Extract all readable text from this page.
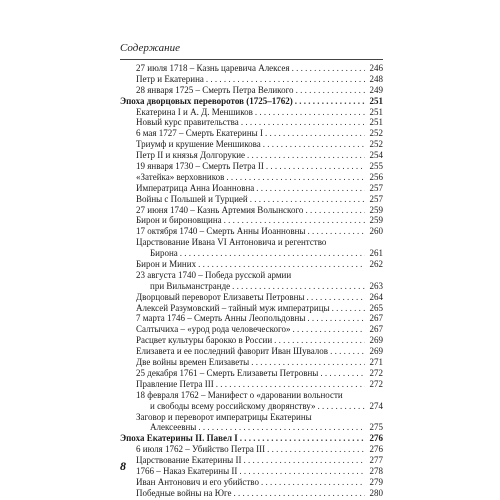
Содержание
27 июля 1718 – Казнь царевича Алексея . . .	246
Петр и Екатерина . . .	248
28 января 1725 – Смерть Петра Великого . . .	249
Эпоха дворцовых переворотов (1725–1762) . . .	251
Екатерина I и А. Д. Меншиков . . .	251
Новый курс правительства . . .	251
6 мая 1727 – Смерть Екатерины I . . .	252
Триумф и крушение Меншикова . . .	252
Петр II и князья Долгорукие . . .	254
19 января 1730 – Смерть Петра II . . .	255
«Затейка» верховников . . .	256
Императрица Анна Иоанновна . . .	257
Войны с Польшей и Турцией . . .	257
27 июня 1740 – Казнь Артемия Волынского . . .	259
Бирон и бироновщина . . .	259
17 октября 1740 – Смерть Анны Иоанновны . . .	260
Царствование Ивана VI Антоновича и регентство
Бирона . . .	261
Бирон и Миних . . .	262
23 августа 1740 – Победа русской армии
при Вильманстранде . . .	263
Дворцовый переворот Елизаветы Петровны . . .	264
Алексей Разумовский – тайный муж императрицы . . .	265
7 марта 1746 – Смерть Анны Леопольдовны . . .	267
Салтычиха – «урод рода человеческого» . . .	267
Расцвет культуры барокко в России . . .	269
Елизавета и ее последний фаворит Иван Шувалов . . .	269
Две войны времен Елизаветы . . .	271
25 декабря 1761 – Смерть Елизаветы Петровны . . .	272
Правление Петра III . . .	272
18 февраля 1762 – Манифест о «даровании вольности
и свободы всему российскому дворянству» . . .	274
Заговор и переворот императрицы Екатерины
Алексеевны . . .	275
Эпоха Екатерины II. Павел I . . .	276
6 июля 1762 – Убийство Петра III . . .	276
Царствование Екатерины II . . .	277
1766 – Наказ Екатерины II . . .	278
Иван Антонович и его убийство . . .	279
Победные войны на Юге . . .	280
8
